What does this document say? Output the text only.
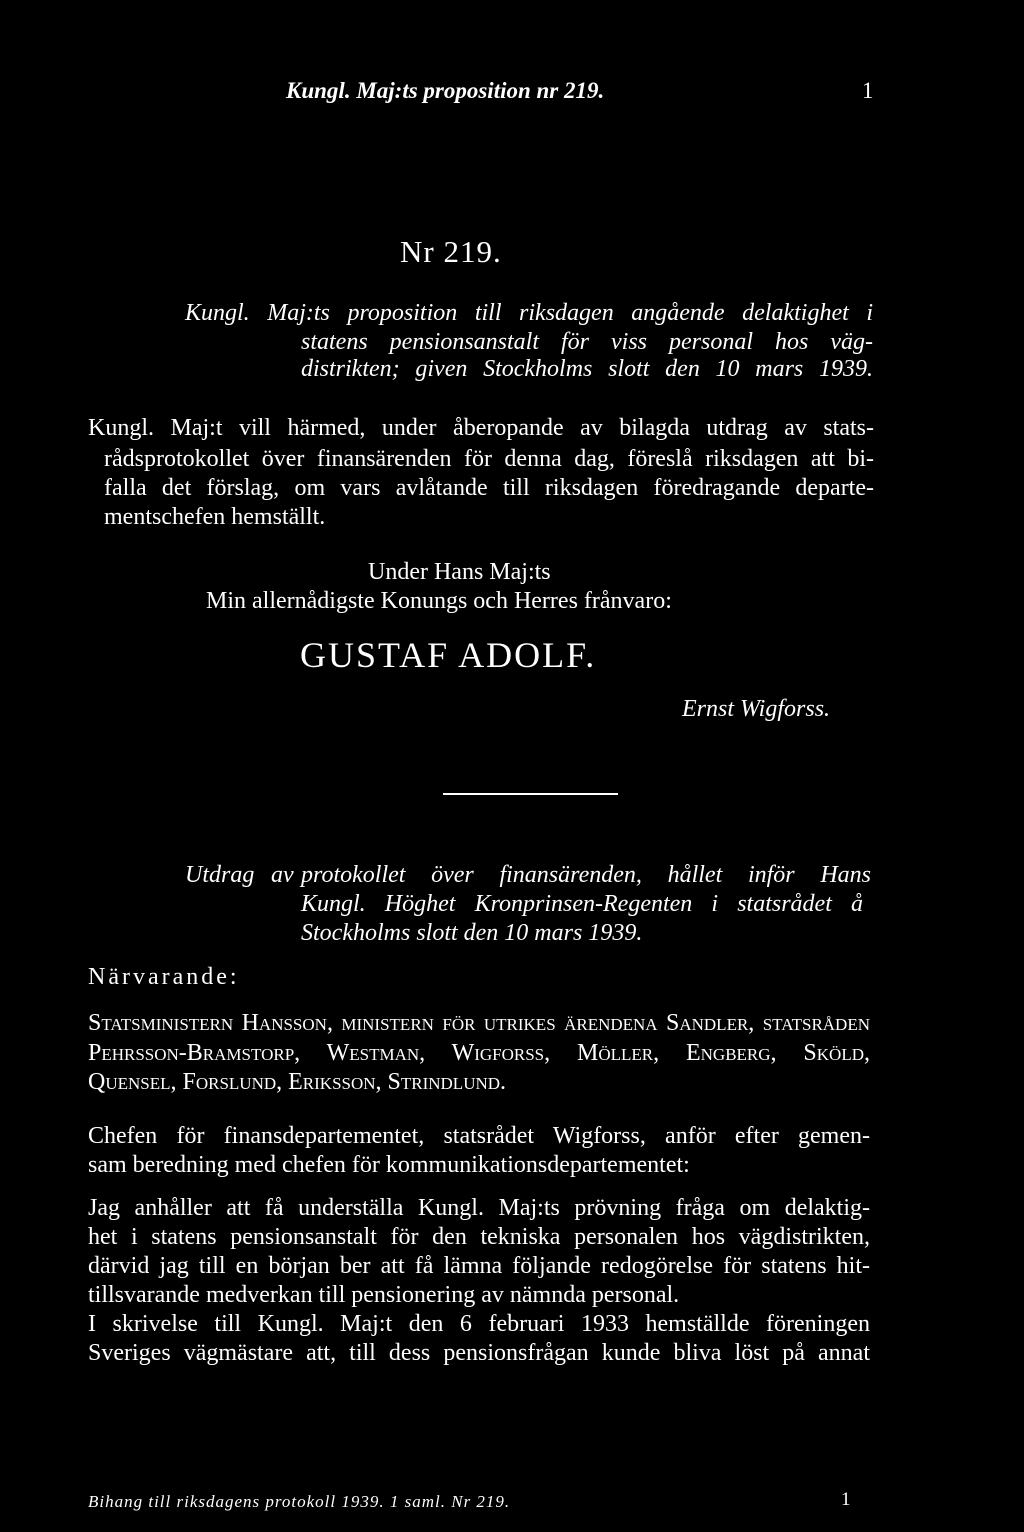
Kungl. Maj:ts proposition nr 219.	1
Nr 219.
Kungl. Maj:ts proposition till riksdagen angående delaktighet i
statens pensionsanstalt för viss personal hos väg-
distrikten; given Stockholms slott den 10 mars 1939.
Kungl. Maj:t vill härmed, under åberopande av bilagda utdrag av stats-
rådsprotokollet över finansärenden för denna dag, föreslå riksdagen att bi-
falla det förslag, om vars avlåtande till riksdagen föredragande departe-
mentschefen hemställt.
Under Hans Maj:ts
Min allernådigste Konungs och Herres frånvaro:
GUSTAF ADOLF.
Ernst Wigforss.
Utdrag av protokollet över finansärenden, hållet inför Hans
Kungl. Höghet Kronprinsen-Regenten i statsrådet å
Stockholms slott den 10 mars 1939.
Närvarande:
Statsministern Hansson, ministern för utrikes ärendena Sandler, statsråden
Pehrsson-Bramstorp, Westman, Wigforss, Möller, Engberg, Sköld,
Quensel, Forslund, Eriksson, Strindlund.
Chefen för finansdepartementet, statsrådet Wigforss, anför efter gemen-
sam beredning med chefen för kommunikationsdepartementet:
Jag anhåller att få underställa Kungl. Maj:ts prövning fråga om delaktig-
het i statens pensionsanstalt för den tekniska personalen hos vägdistrikten,
därvid jag till en början ber att få lämna följande redogörelse för statens hit-
tillsvarande medverkan till pensionering av nämnda personal.
I skrivelse till Kungl. Maj:t den 6 februari 1933 hemställde föreningen
Sveriges vägmästare att, till dess pensionsfrågan kunde bliva löst på annat
Bihang till riksdagens protokoll 1939. 1 saml. Nr 219.	1
